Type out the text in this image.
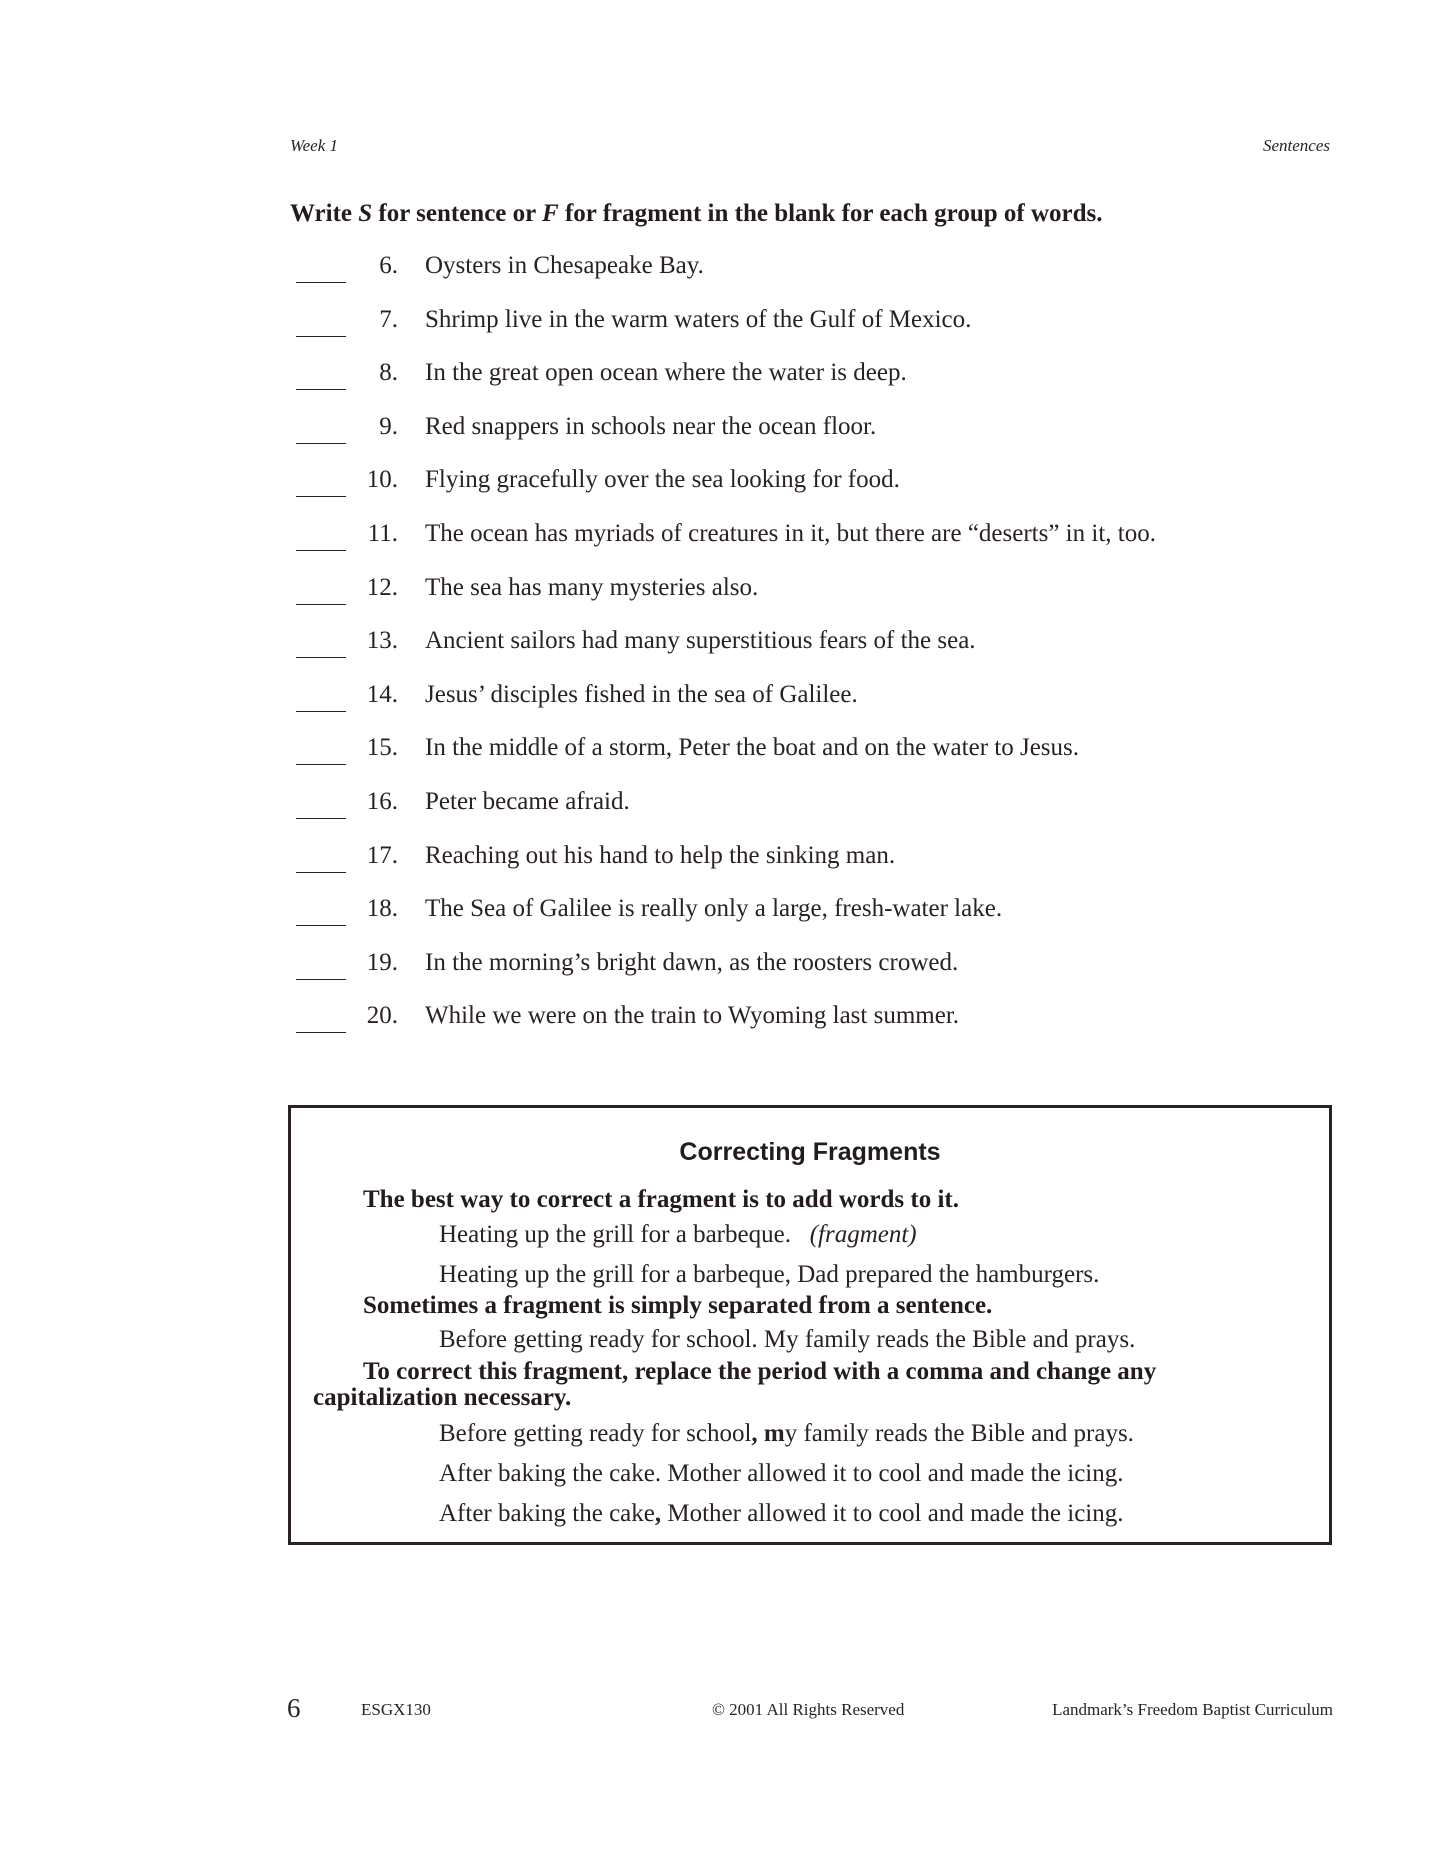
Week 1	Sentences
Write S for sentence or F for fragment in the blank for each group of words.
6. Oysters in Chesapeake Bay.
7. Shrimp live in the warm waters of the Gulf of Mexico.
8. In the great open ocean where the water is deep.
9. Red snappers in schools near the ocean floor.
10. Flying gracefully over the sea looking for food.
11. The ocean has myriads of creatures in it, but there are “deserts” in it, too.
12. The sea has many mysteries also.
13. Ancient sailors had many superstitious fears of the sea.
14. Jesus’ disciples fished in the sea of Galilee.
15. In the middle of a storm, Peter the boat and on the water to Jesus.
16. Peter became afraid.
17. Reaching out his hand to help the sinking man.
18. The Sea of Galilee is really only a large, fresh-water lake.
19. In the morning’s bright dawn, as the roosters crowed.
20. While we were on the train to Wyoming last summer.
Correcting Fragments
The best way to correct a fragment is to add words to it.
Heating up the grill for a barbeque. (fragment)
Heating up the grill for a barbeque, Dad prepared the hamburgers.
Sometimes a fragment is simply separated from a sentence.
Before getting ready for school. My family reads the Bible and prays.
To correct this fragment, replace the period with a comma and change any
capitalization necessary.
Before getting ready for school, my family reads the Bible and prays.
After baking the cake. Mother allowed it to cool and made the icing.
After baking the cake, Mother allowed it to cool and made the icing.
6	ESGX130	© 2001 All Rights Reserved	Landmark’s Freedom Baptist Curriculum
